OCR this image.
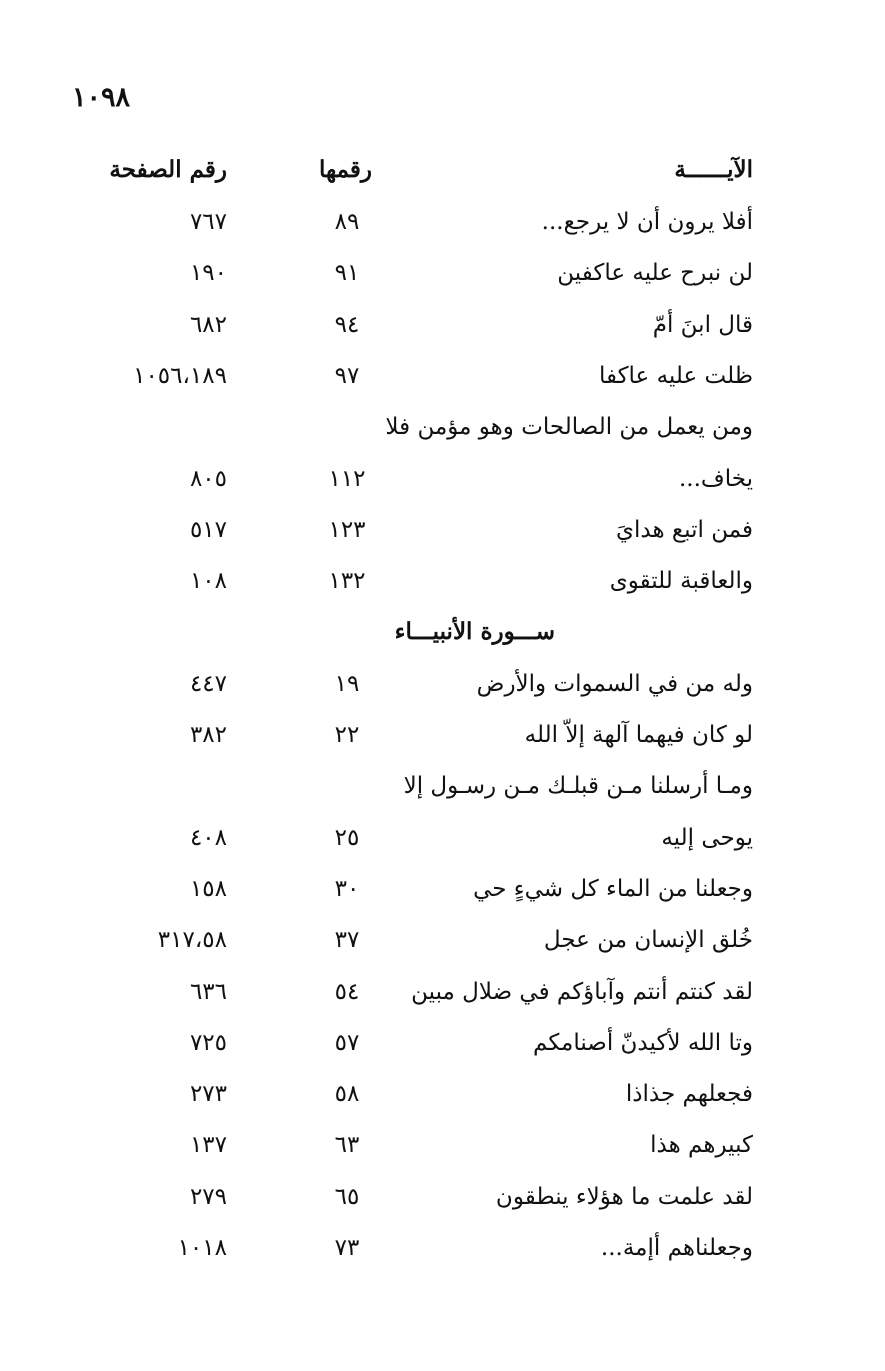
١٠٩٨
الآيــــــة
رقمها
رقم الصفحة
أفلا يرون أن لا يرجع...
٨٩
٧٦٧
لن نبرح عليه عاكفين
٩١
١٩٠
قال ابنَ أمّ
٩٤
٦٨٢
ظلت عليه عاكفا
٩٧
١٠٥٦،١٨٩
ومن يعمل من الصالحات وهو مؤمن فلا
يخاف...
١١٢
٨٠٥
فمن اتبع هدايَ
١٢٣
٥١٧
والعاقبة للتقوى
١٣٢
١٠٨
ســـورة الأنبيـــاء
وله من في السموات والأرض
١٩
٤٤٧
لو كان فيهما آلهة إلاّ الله
٢٢
٣٨٢
ومـا أرسلنا مـن قبلـك مـن رسـول إلا
يوحى إليه
٢٥
٤٠٨
وجعلنا من الماء كل شيءٍ حي
٣٠
١٥٨
خُلق الإنسان من عجل
٣٧
٣١٧،٥٨
لقد كنتم أنتم وآباؤكم في ضلال مبين
٥٤
٦٣٦
وتا الله لأكيدنّ أصنامكم
٥٧
٧٢٥
فجعلهم جذاذا
٥٨
٢٧٣
كبيرهم هذا
٦٣
١٣٧
لقد علمت ما هؤلاء ينطقون
٦٥
٢٧٩
وجعلناهم أإمة...
٧٣
١٠١٨
